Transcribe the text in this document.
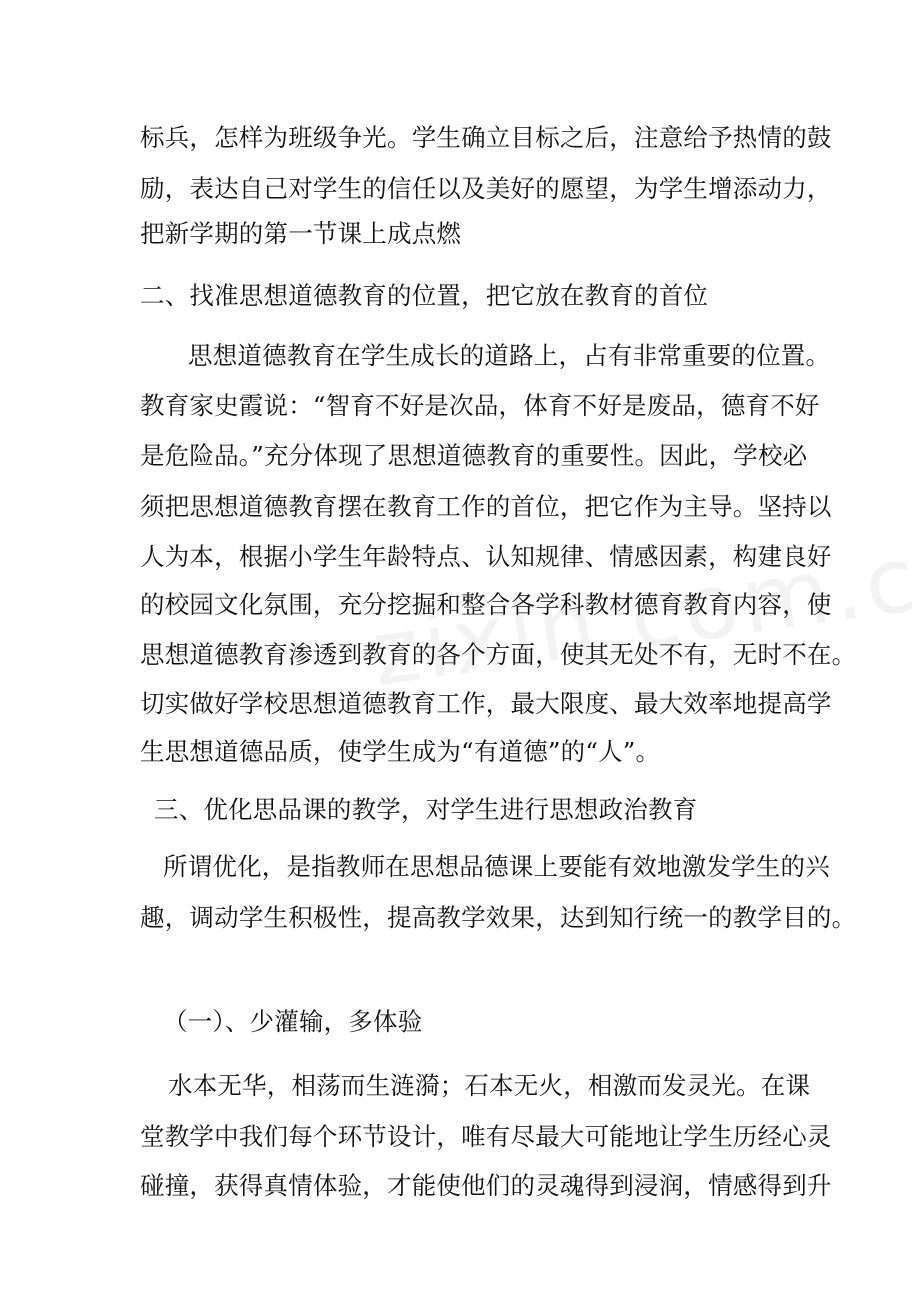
标兵，怎样为班级争光。学生确立目标之后，注意给予热情的鼓
励，表达自己对学生的信任以及美好的愿望，为学生增添动力，
把新学期的第一节课上成点燃
二、找准思想道德教育的位置，把它放在教育的首位
思想道德教育在学生成长的道路上，占有非常重要的位置。
教育家史霞说：“智育不好是次品，体育不好是废品，德育不好
是危险品。”充分体现了思想道德教育的重要性。因此，学校必
须把思想道德教育摆在教育工作的首位，把它作为主导。坚持以
人为本，根据小学生年龄特点、认知规律、情感因素，构建良好
的校园文化氛围，充分挖掘和整合各学科教材德育教育内容，使
思想道德教育渗透到教育的各个方面，使其无处不有，无时不在。
切实做好学校思想道德教育工作，最大限度、最大效率地提高学
生思想道德品质，使学生成为“有道德”的“人”。
三、优化思品课的教学，对学生进行思想政治教育
所谓优化，是指教师在思想品德课上要能有效地激发学生的兴
趣，调动学生积极性，提高教学效果，达到知行统一的教学目的。
（一）、少灌输，多体验
水本无华，相荡而生涟漪；石本无火，相激而发灵光。在课
堂教学中我们每个环节设计，唯有尽最大可能地让学生历经心灵
碰撞，获得真情体验，才能使他们的灵魂得到浸润，情感得到升
